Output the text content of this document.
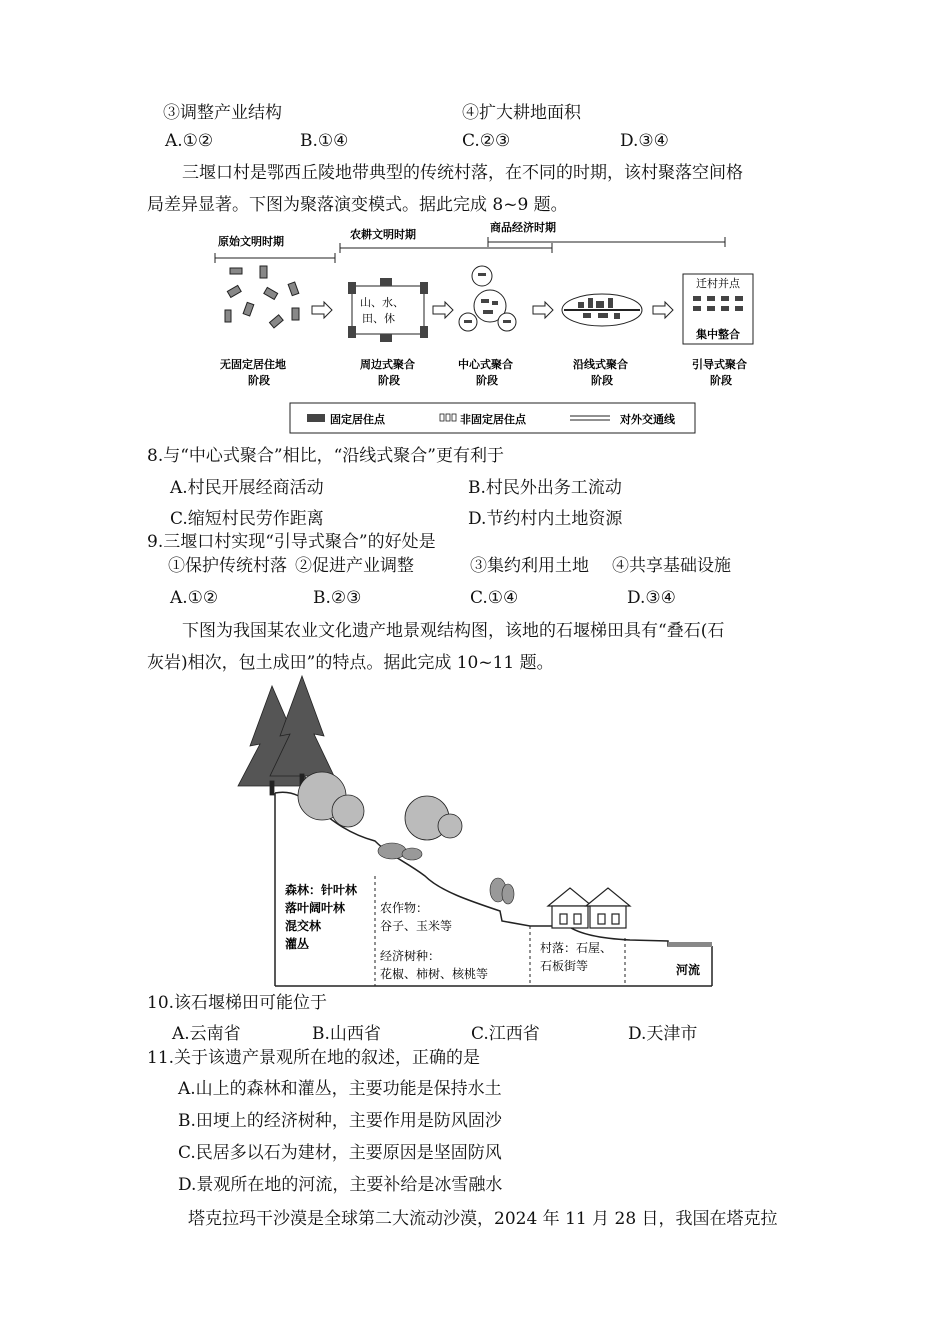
③调整产业结构	④扩大耕地面积
A.①②	B.①④	C.②③	D.③④
三堰口村是鄂西丘陵地带典型的传统村落，在不同的时期，该村聚落空间格
局差异显著。下图为聚落演变模式。据此完成 8~9 题。
原始文明时期
农耕文明时期
商品经济时期
山、水、
田、休
迁村并点
集中整合
无固定居住地
阶段
周边式聚合
阶段
中心式聚合
阶段
沿线式聚合
阶段
引导式聚合
阶段
固定居住点	非固定居住点	对外交通线
8.与“中心式聚合”相比，“沿线式聚合”更有利于
A.村民开展经商活动	B.村民外出务工流动
C.缩短村民劳作距离	D.节约村内土地资源
9.三堰口村实现“引导式聚合”的好处是
①保护传统村落 ②促进产业调整	③集约利用土地 ④共享基础设施
A.①②	B.②③	C.①④	D.③④
下图为我国某农业文化遗产地景观结构图，该地的石堰梯田具有“叠石(石
灰岩)相次，包土成田”的特点。据此完成 10~11 题。
森林：针叶林
落叶阔叶林
混交林
灌丛
农作物：
谷子、玉米等
经济树种：
花椒、柿树、核桃等
村落：石屋、
石板街等	河流
10.该石堰梯田可能位于
A.云南省	B.山西省	C.江西省	D.天津市
11.关于该遗产景观所在地的叙述，正确的是
A.山上的森林和灌丛，主要功能是保持水土
B.田埂上的经济树种，主要作用是防风固沙
C.民居多以石为建材，主要原因是坚固防风
D.景观所在地的河流，主要补给是冰雪融水
塔克拉玛干沙漠是全球第二大流动沙漠，2024 年 11 月 28 日，我国在塔克拉
